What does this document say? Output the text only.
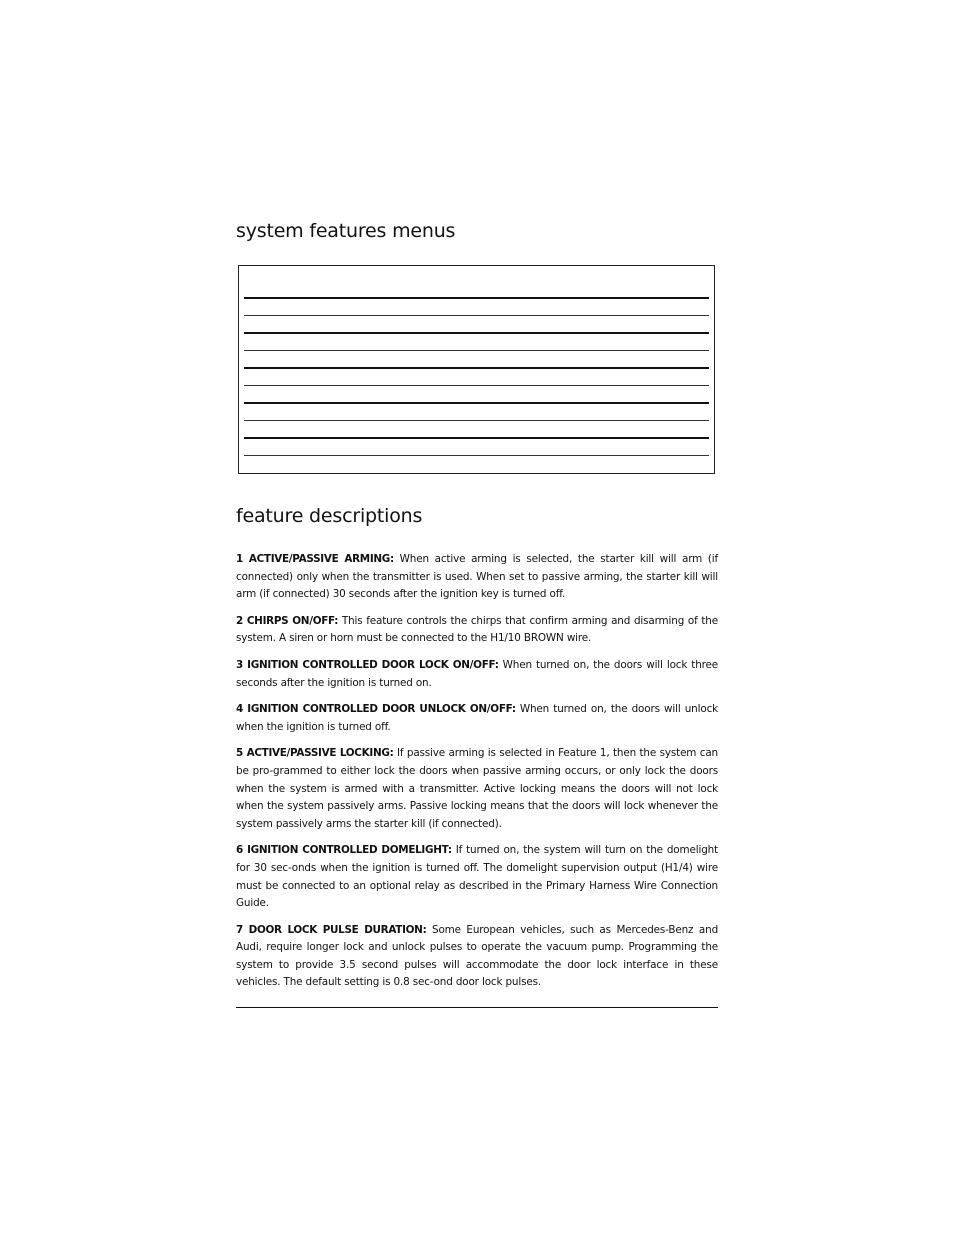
system features menus
feature descriptions

1 ACTIVE/PASSIVE ARMING: When active arming is selected, the starter kill will arm (if connected) only when the transmitter is used. When set to passive arming, the starter kill will arm (if connected) 30 seconds after the ignition key is turned off.

2 CHIRPS ON/OFF: This feature controls the chirps that confirm arming and disarming of the system. A siren or horn must be connected to the H1/10 BROWN wire.

3 IGNITION CONTROLLED DOOR LOCK ON/OFF: When turned on, the doors will lock three seconds after the ignition is turned on.

4 IGNITION CONTROLLED DOOR UNLOCK ON/OFF: When turned on, the doors will unlock when the ignition is turned off.

5 ACTIVE/PASSIVE LOCKING: If passive arming is selected in Feature 1, then the system can be pro-grammed to either lock the doors when passive arming occurs, or only lock the doors when the system is armed with a transmitter. Active locking means the doors will not lock when the system passively arms. Passive locking means that the doors will lock whenever the system passively arms the starter kill (if connected).

6 IGNITION CONTROLLED DOMELIGHT: If turned on, the system will turn on the domelight for 30 sec-onds when the ignition is turned off. The domelight supervision output (H1/4) wire must be connected to an optional relay as described in the Primary Harness Wire Connection Guide.

7 DOOR LOCK PULSE DURATION: Some European vehicles, such as Mercedes-Benz and Audi, require longer lock and unlock pulses to operate the vacuum pump. Programming the system to provide 3.5 second pulses will accommodate the door lock interface in these vehicles. The default setting is 0.8 sec-ond door lock pulses.
